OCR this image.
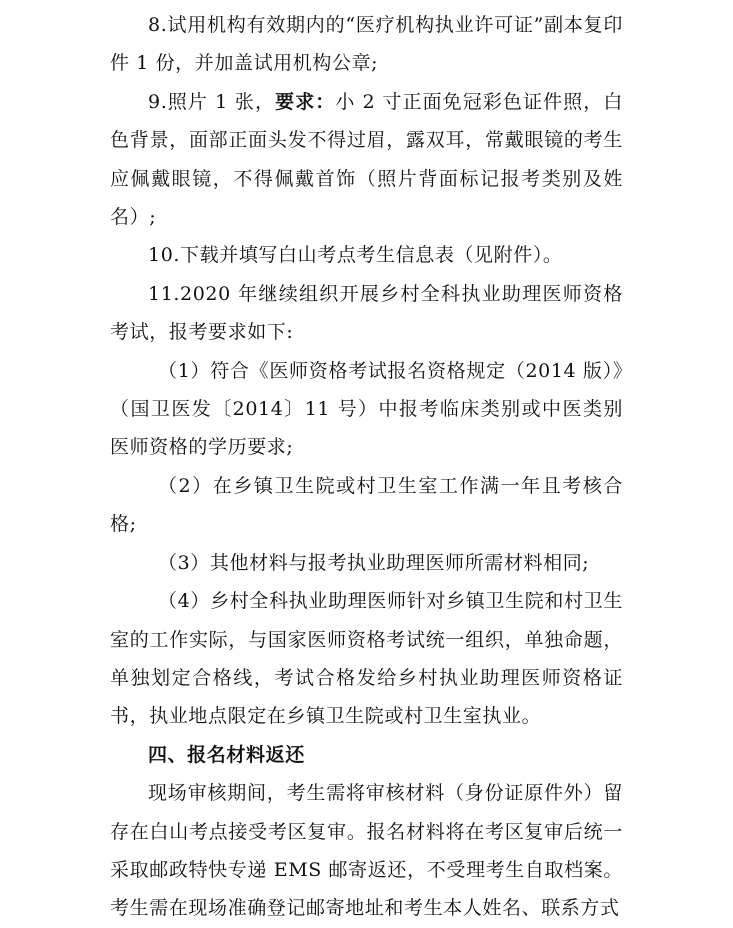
8.试用机构有效期内的“医疗机构执业许可证”副本复印件 1 份，并加盖试用机构公章;

9.照片 1 张，要求：小 2 寸正面免冠彩色证件照，白色背景，面部正面头发不得过眉，露双耳，常戴眼镜的考生应佩戴眼镜，不得佩戴首饰（照片背面标记报考类别及姓名）;

10.下载并填写白山考点考生信息表（见附件）。

11.2020 年继续组织开展乡村全科执业助理医师资格考试，报考要求如下:

（1）符合《医师资格考试报名资格规定（2014 版）》（国卫医发〔2014〕11 号）中报考临床类别或中医类别医师资格的学历要求;

（2）在乡镇卫生院或村卫生室工作满一年且考核合格;

（3）其他材料与报考执业助理医师所需材料相同;

（4）乡村全科执业助理医师针对乡镇卫生院和村卫生室的工作实际，与国家医师资格考试统一组织，单独命题，单独划定合格线，考试合格发给乡村执业助理医师资格证书，执业地点限定在乡镇卫生院或村卫生室执业。

四、报名材料返还

现场审核期间，考生需将审核材料（身份证原件外）留存在白山考点接受考区复审。报名材料将在考区复审后统一采取邮政特快专递 EMS 邮寄返还，不受理考生自取档案。考生需在现场准确登记邮寄地址和考生本人姓名、联系方式
